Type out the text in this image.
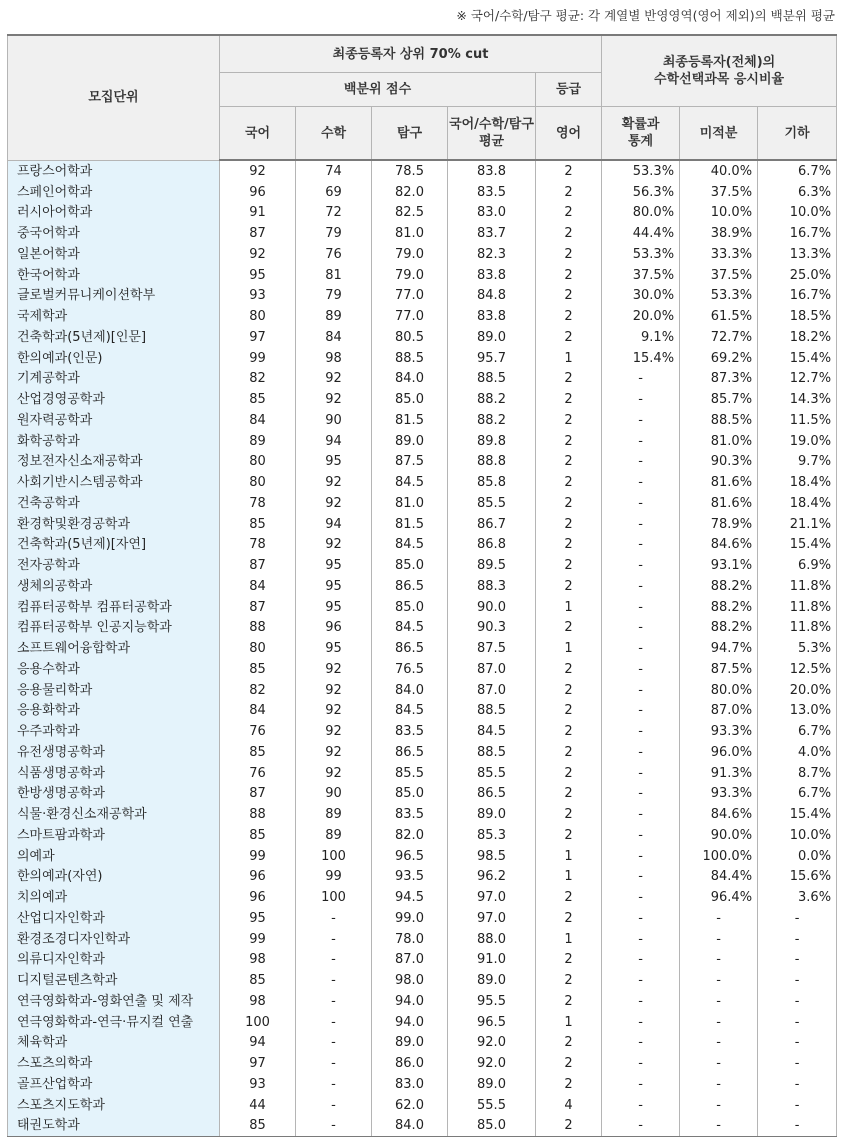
※ 국어/수학/탐구 평균: 각 계열별 반영영역(영어 제외)의 백분위 평균
모집단위	최종등록자 상위 70% cut					최종등록자(전체)의
수학선택과목 응시비율		
	백분위 점수				등급			
	국어	수학	탐구	국어/수학/탐구
평균	영어	확률과
통계	미적분	기하
프랑스어학과	92	74	78.5	83.8	2	53.3%	40.0%	6.7%
스페인어학과	96	69	82.0	83.5	2	56.3%	37.5%	6.3%
러시아어학과	91	72	82.5	83.0	2	80.0%	10.0%	10.0%
중국어학과	87	79	81.0	83.7	2	44.4%	38.9%	16.7%
일본어학과	92	76	79.0	82.3	2	53.3%	33.3%	13.3%
한국어학과	95	81	79.0	83.8	2	37.5%	37.5%	25.0%
글로벌커뮤니케이션학부	93	79	77.0	84.8	2	30.0%	53.3%	16.7%
국제학과	80	89	77.0	83.8	2	20.0%	61.5%	18.5%
건축학과(5년제)[인문]	97	84	80.5	89.0	2	9.1%	72.7%	18.2%
한의예과(인문)	99	98	88.5	95.7	1	15.4%	69.2%	15.4%
기계공학과	82	92	84.0	88.5	2	-	87.3%	12.7%
산업경영공학과	85	92	85.0	88.2	2	-	85.7%	14.3%
원자력공학과	84	90	81.5	88.2	2	-	88.5%	11.5%
화학공학과	89	94	89.0	89.8	2	-	81.0%	19.0%
정보전자신소재공학과	80	95	87.5	88.8	2	-	90.3%	9.7%
사회기반시스템공학과	80	92	84.5	85.8	2	-	81.6%	18.4%
건축공학과	78	92	81.0	85.5	2	-	81.6%	18.4%
환경학및환경공학과	85	94	81.5	86.7	2	-	78.9%	21.1%
건축학과(5년제)[자연]	78	92	84.5	86.8	2	-	84.6%	15.4%
전자공학과	87	95	85.0	89.5	2	-	93.1%	6.9%
생체의공학과	84	95	86.5	88.3	2	-	88.2%	11.8%
컴퓨터공학부 컴퓨터공학과	87	95	85.0	90.0	1	-	88.2%	11.8%
컴퓨터공학부 인공지능학과	88	96	84.5	90.3	2	-	88.2%	11.8%
소프트웨어융합학과	80	95	86.5	87.5	1	-	94.7%	5.3%
응용수학과	85	92	76.5	87.0	2	-	87.5%	12.5%
응용물리학과	82	92	84.0	87.0	2	-	80.0%	20.0%
응용화학과	84	92	84.5	88.5	2	-	87.0%	13.0%
우주과학과	76	92	83.5	84.5	2	-	93.3%	6.7%
유전생명공학과	85	92	86.5	88.5	2	-	96.0%	4.0%
식품생명공학과	76	92	85.5	85.5	2	-	91.3%	8.7%
한방생명공학과	87	90	85.0	86.5	2	-	93.3%	6.7%
식물·환경신소재공학과	88	89	83.5	89.0	2	-	84.6%	15.4%
스마트팜과학과	85	89	82.0	85.3	2	-	90.0%	10.0%
의예과	99	100	96.5	98.5	1	-	100.0%	0.0%
한의예과(자연)	96	99	93.5	96.2	1	-	84.4%	15.6%
치의예과	96	100	94.5	97.0	2	-	96.4%	3.6%
산업디자인학과	95	-	99.0	97.0	2	-	-	-
환경조경디자인학과	99	-	78.0	88.0	1	-	-	-
의류디자인학과	98	-	87.0	91.0	2	-	-	-
디지털콘텐츠학과	85	-	98.0	89.0	2	-	-	-
연극영화학과-영화연출 및 제작	98	-	94.0	95.5	2	-	-	-
연극영화학과-연극·뮤지컬 연출	100	-	94.0	96.5	1	-	-	-
체육학과	94	-	89.0	92.0	2	-	-	-
스포츠의학과	97	-	86.0	92.0	2	-	-	-
골프산업학과	93	-	83.0	89.0	2	-	-	-
스포츠지도학과	44	-	62.0	55.5	4	-	-	-
태권도학과	85	-	84.0	85.0	2	-	-	-
